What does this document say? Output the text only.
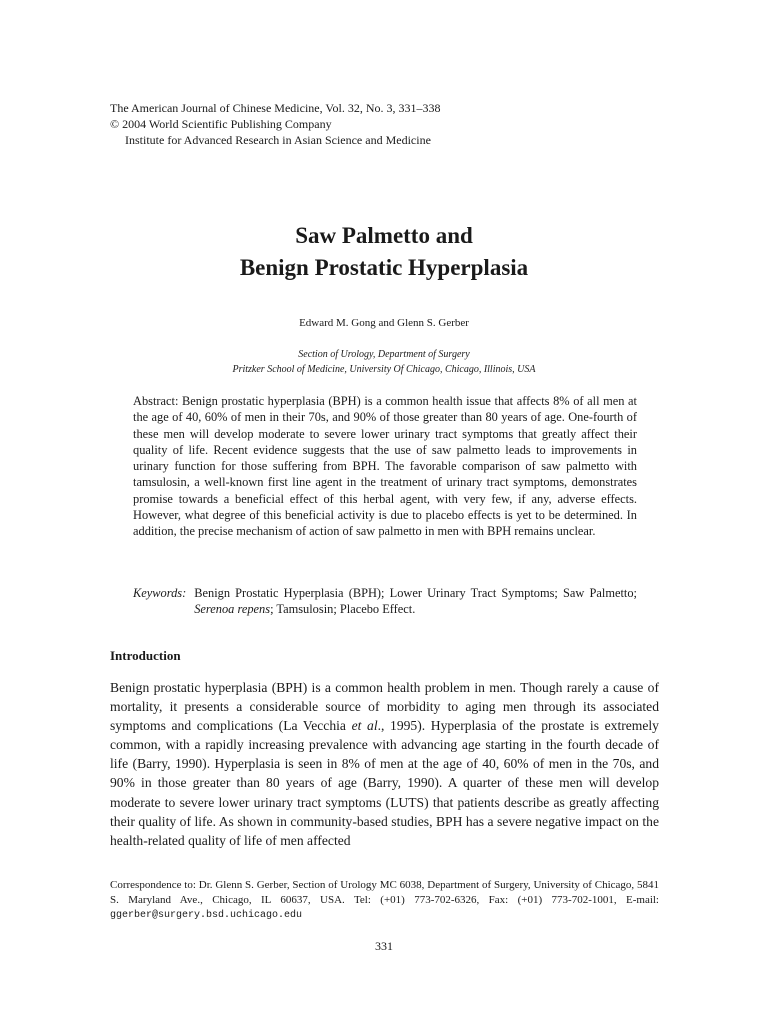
The American Journal of Chinese Medicine, Vol. 32, No. 3, 331–338
© 2004 World Scientific Publishing Company
Institute for Advanced Research in Asian Science and Medicine
Saw Palmetto and
Benign Prostatic Hyperplasia
Edward M. Gong and Glenn S. Gerber
Section of Urology, Department of Surgery
Pritzker School of Medicine, University Of Chicago, Chicago, Illinois, USA

Abstract: Benign prostatic hyperplasia (BPH) is a common health issue that affects 8% of all men at the age of 40, 60% of men in their 70s, and 90% of those greater than 80 years of age. One-fourth of these men will develop moderate to severe lower urinary tract symptoms that greatly affect their quality of life. Recent evidence suggests that the use of saw palmetto leads to improvements in urinary function for those suffering from BPH. The favorable comparison of saw palmetto with tamsulosin, a well-known first line agent in the treatment of urinary tract symptoms, demonstrates promise towards a beneficial effect of this herbal agent, with very few, if any, adverse effects. However, what degree of this beneficial activity is due to placebo effects is yet to be determined. In addition, the precise mechanism of action of saw palmetto in men with BPH remains unclear.

Keywords: Benign Prostatic Hyperplasia (BPH); Lower Urinary Tract Symptoms; Saw Palmetto; Serenoa repens; Tamsulosin; Placebo Effect.
Introduction

Benign prostatic hyperplasia (BPH) is a common health problem in men. Though rarely a cause of mortality, it presents a considerable source of morbidity to aging men through its associated symptoms and complications (La Vecchia et al., 1995). Hyperplasia of the prostate is extremely common, with a rapidly increasing prevalence with advancing age starting in the fourth decade of life (Barry, 1990). Hyperplasia is seen in 8% of men at the age of 40, 60% of men in the 70s, and 90% in those greater than 80 years of age (Barry, 1990). A quarter of these men will develop moderate to severe lower urinary tract symptoms (LUTS) that patients describe as greatly affecting their quality of life. As shown in community-based studies, BPH has a severe negative impact on the health-related quality of life of men affected

Correspondence to: Dr. Glenn S. Gerber, Section of Urology MC 6038, Department of Surgery, University of Chicago, 5841 S. Maryland Ave., Chicago, IL 60637, USA. Tel: (+01) 773-702-6326, Fax: (+01) 773-702-1001, E-mail: ggerber@surgery.bsd.uchicago.edu

331
